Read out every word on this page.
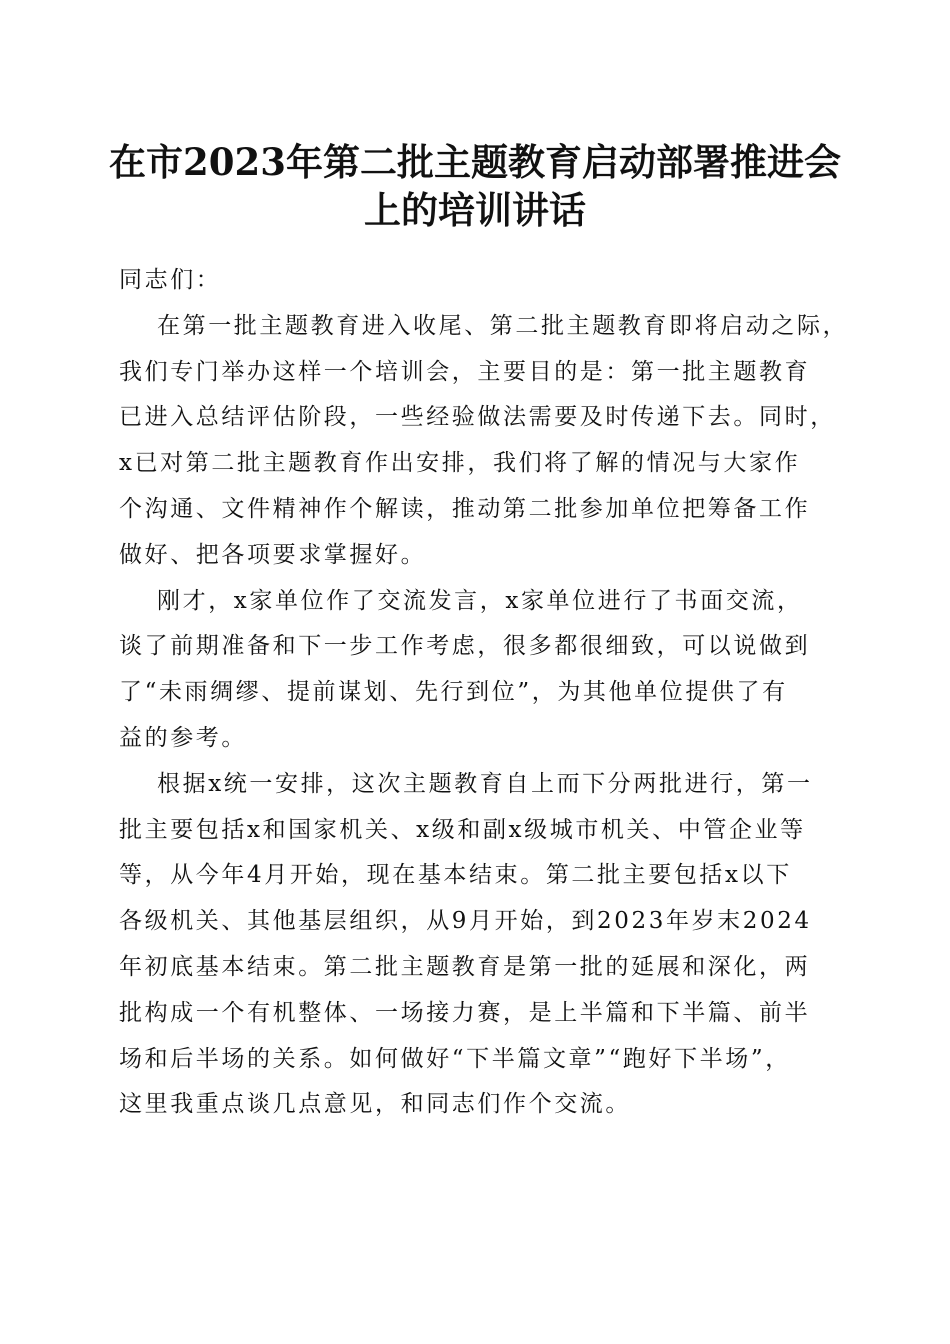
在市2023年第二批主题教育启动部署推进会
上的培训讲话
同志们：
在第一批主题教育进入收尾、第二批主题教育即将启动之际，
我们专门举办这样一个培训会，主要目的是：第一批主题教育
已进入总结评估阶段，一些经验做法需要及时传递下去。同时，
x已对第二批主题教育作出安排，我们将了解的情况与大家作
个沟通、文件精神作个解读，推动第二批参加单位把筹备工作
做好、把各项要求掌握好。
刚才，x家单位作了交流发言，x家单位进行了书面交流，
谈了前期准备和下一步工作考虑，很多都很细致，可以说做到
了“未雨绸缪、提前谋划、先行到位”，为其他单位提供了有
益的参考。
根据x统一安排，这次主题教育自上而下分两批进行，第一
批主要包括x和国家机关、x级和副x级城市机关、中管企业等
等，从今年4月开始，现在基本结束。第二批主要包括x以下
各级机关、其他基层组织，从9月开始，到2023年岁末2024
年初底基本结束。第二批主题教育是第一批的延展和深化，两
批构成一个有机整体、一场接力赛，是上半篇和下半篇、前半
场和后半场的关系。如何做好“下半篇文章”“跑好下半场”，
这里我重点谈几点意见，和同志们作个交流。
